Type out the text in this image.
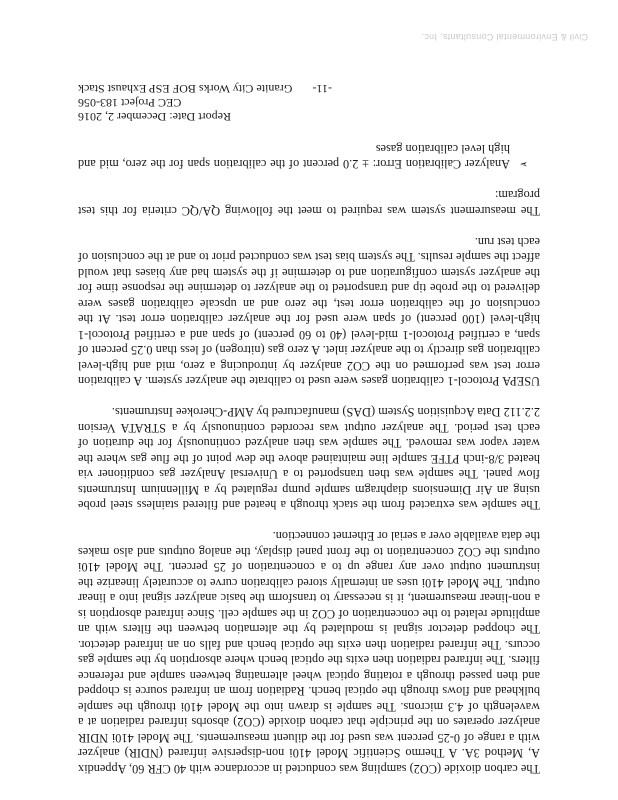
Report Date: December 2, 2016
CEC Project 183-056
-11-
Granite City Works BOF ESP Exhaust Stack

The carbon dioxide (CO2) sampling was conducted in accordance with 40 CFR 60, Appendix A, Method 3A. A Thermo Scientific Model 410i non-dispersive infrared (NDIR) analyzer with a range of 0-25 percent was used for the diluent measurements. The Model 410i NDIR analyzer operates on the principle that carbon dioxide (CO2) absorbs infrared radiation at a wavelength of 4.3 microns. The sample is drawn into the Model 410i through the sample bulkhead and flows through the optical bench. Radiation from an infrared source is chopped and then passed through a rotating optical wheel alternating between sample and reference filters. The infrared radiation then exits the optical bench where absorption by the sample gas occurs. The infrared radiation then exits the optical bench and falls on an infrared detector. The chopped detector signal is modulated by the alternation between the filters with an amplitude related to the concentration of CO2 in the sample cell. Since infrared absorption is a non-linear measurement, it is necessary to transform the basic analyzer signal into a linear output. The Model 410i uses an internally stored calibration curve to accurately linearize the instrument output over any range up to a concentration of 25 percent. The Model 410i outputs the CO2 concentration to the front panel display, the analog outputs and also makes the data available over a serial or Ethernet connection.

The sample was extracted from the stack through a heated and filtered stainless steel probe using an Air Dimensions diaphragm sample pump regulated by a Millennium Instruments flow panel. The sample was then transported to a Universal Analyzer gas conditioner via heated 3/8-inch PTFE sample line maintained above the dew point of the flue gas where the water vapor was removed. The sample was then analyzed continuously for the duration of each test period. The analyzer output was recorded continuously by a STRATA Version 2.2.112 Data Acquisition System (DAS) manufactured by AMP-Cherokee Instruments.

USEPA Protocol-1 calibration gases were used to calibrate the analyzer system. A calibration error test was performed on the CO2 analyzer by introducing a zero, mid and high-level calibration gas directly to the analyzer inlet. A zero gas (nitrogen) of less than 0.25 percent of span, a certified Protocol-1 mid-level (40 to 60 percent) of span and a certified Protocol-1 high-level (100 percent) of span were used for the analyzer calibration error test. At the conclusion of the calibration error test, the zero and an upscale calibration gases were delivered to the probe tip and transported to the analyzer to determine the response time for the analyzer system configuration and to determine if the system had any biases that would affect the sample results. The system bias test was conducted prior to and at the conclusion of each test run.

The measurement system was required to meet the following QA/QC criteria for this test program:

➢ Analyzer Calibration Error: ± 2.0 percent of the calibration span for the zero, mid and high level calibration gases
Civil & Environmental Consultants, Inc.
